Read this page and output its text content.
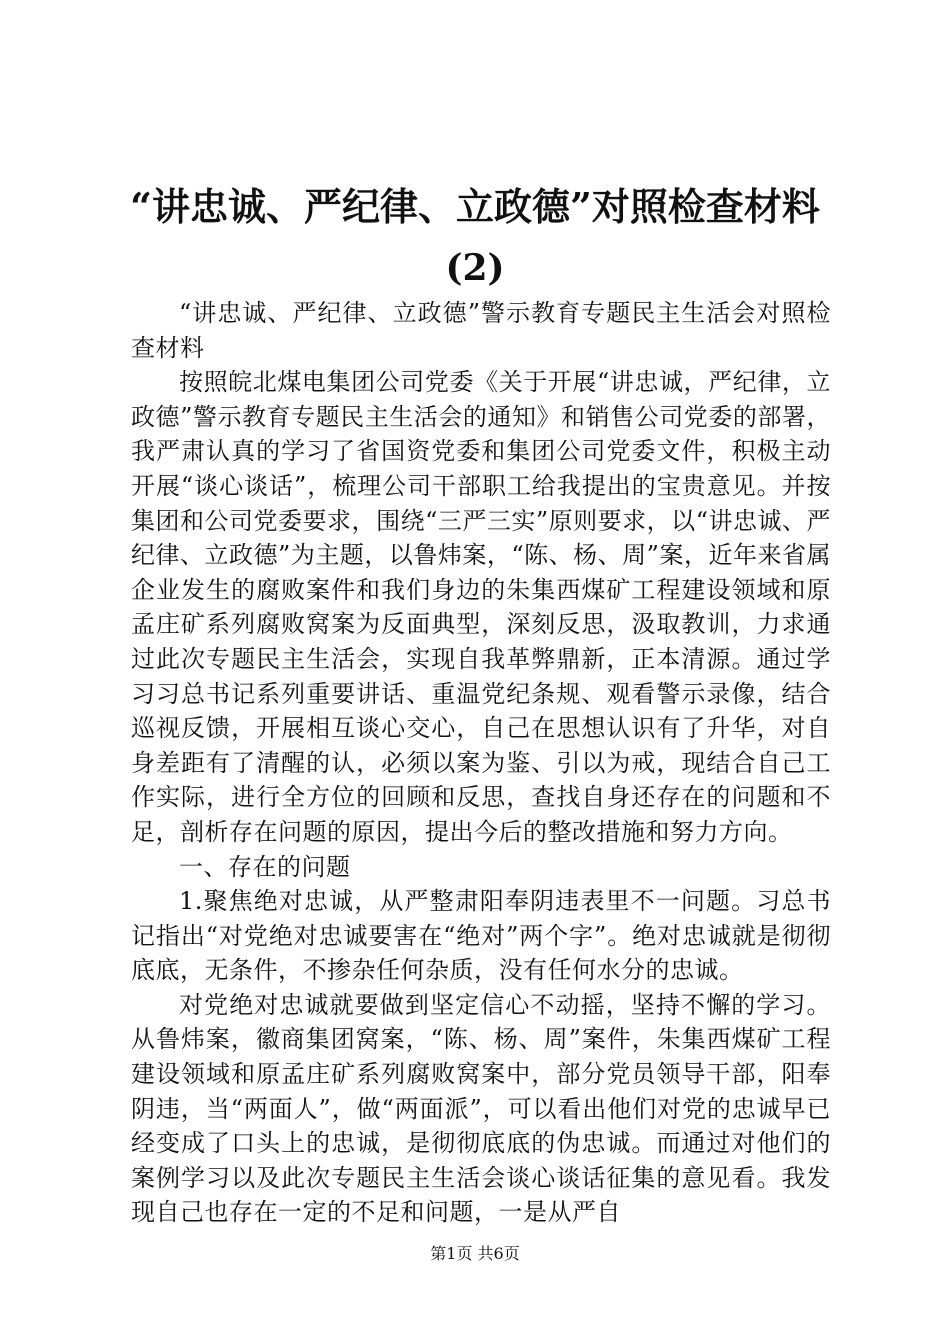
“讲忠诚、严纪律、立政德”对照检查材料
(2)

“讲忠诚、严纪律、立政德”警示教育专题民主生活会对照检查材料

按照皖北煤电集团公司党委《关于开展“讲忠诚，严纪律，立政德”警示教育专题民主生活会的通知》和销售公司党委的部署，我严肃认真的学习了省国资党委和集团公司党委文件，积极主动开展“谈心谈话”，梳理公司干部职工给我提出的宝贵意见。并按集团和公司党委要求，围绕“三严三实”原则要求，以“讲忠诚、严纪律、立政德”为主题，以鲁炜案，“陈、杨、周”案，近年来省属企业发生的腐败案件和我们身边的朱集西煤矿工程建设领域和原孟庄矿系列腐败窝案为反面典型，深刻反思，汲取教训，力求通过此次专题民主生活会，实现自我革弊鼎新，正本清源。通过学习习总书记系列重要讲话、重温党纪条规、观看警示录像，结合巡视反馈，开展相互谈心交心，自己在思想认识有了升华，对自身差距有了清醒的认，必须以案为鉴、引以为戒，现结合自己工作实际，进行全方位的回顾和反思，查找自身还存在的问题和不足，剖析存在问题的原因，提出今后的整改措施和努力方向。

一、存在的问题

1.聚焦绝对忠诚，从严整肃阳奉阴违表里不一问题。习总书记指出“对党绝对忠诚要害在“绝对”两个字”。绝对忠诚就是彻彻底底，无条件，不掺杂任何杂质，没有任何水分的忠诚。

对党绝对忠诚就要做到坚定信心不动摇，坚持不懈的学习。从鲁炜案，徽商集团窝案，“陈、杨、周”案件，朱集西煤矿工程建设领域和原孟庄矿系列腐败窝案中，部分党员领导干部，阳奉阴违，当“两面人”，做“两面派”，可以看出他们对党的忠诚早已经变成了口头上的忠诚，是彻彻底底的伪忠诚。而通过对他们的案例学习以及此次专题民主生活会谈心谈话征集的意见看。我发现自己也存在一定的不足和问题，一是从严自

第1页 共6页
